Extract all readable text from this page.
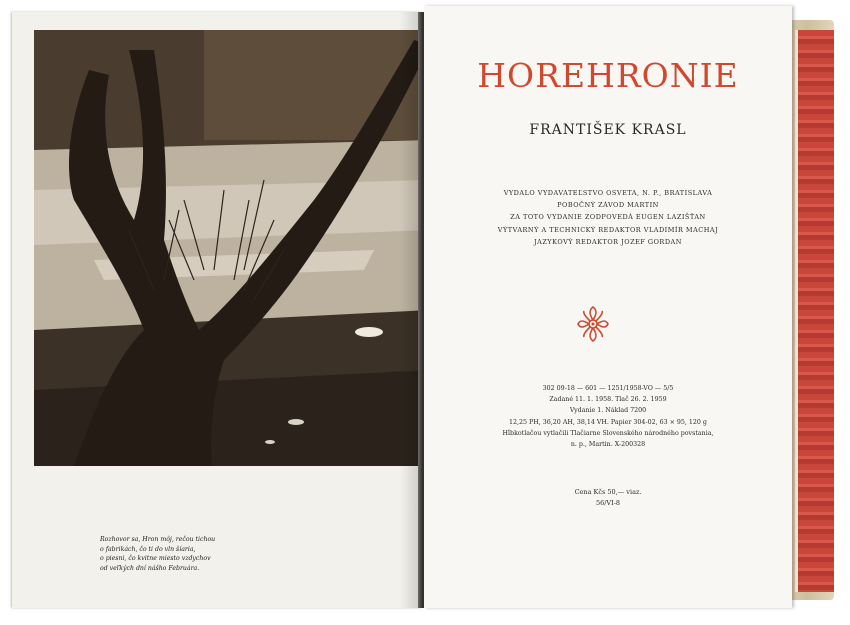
Rozhovor sa, Hron môj, rečou tichou
o fabrikách, čo ti do vln šíaria,
o piesni, čo kvitne miesto vzdychov
od veľkých dní nášho Februára.
HOREHRONIE
FRANTIŠEK KRASL
VYDALO VYDAVATEĽSTVO OSVETA, N. P., BRATISLAVA
POBOČNÝ ZÁVOD MARTIN
ZA TOTO VYDANIE ZODPOVEDÁ EUGEN LAZIŠŤAN
VÝTVARNÝ A TECHNICKÝ REDAKTOR VLADIMÍR MACHAJ
JAZYKOVÝ REDAKTOR JOZEF GORDAN
302 09-18 — 601 — 1251/1958-VO — 5/5
Zadané 11. 1. 1958. Tlač 26. 2. 1959
Vydanie 1. Náklad 7200
12,25 PH, 36,20 AH, 38,14 VH. Papier 304-02, 63 × 95, 120 g
Hĺbkotlačou vytlačili Tlačiarne Slovenského národného povstania,
n. p., Martin. X-200328
Cena Kčs 50,— viaz.
56/VI-8
